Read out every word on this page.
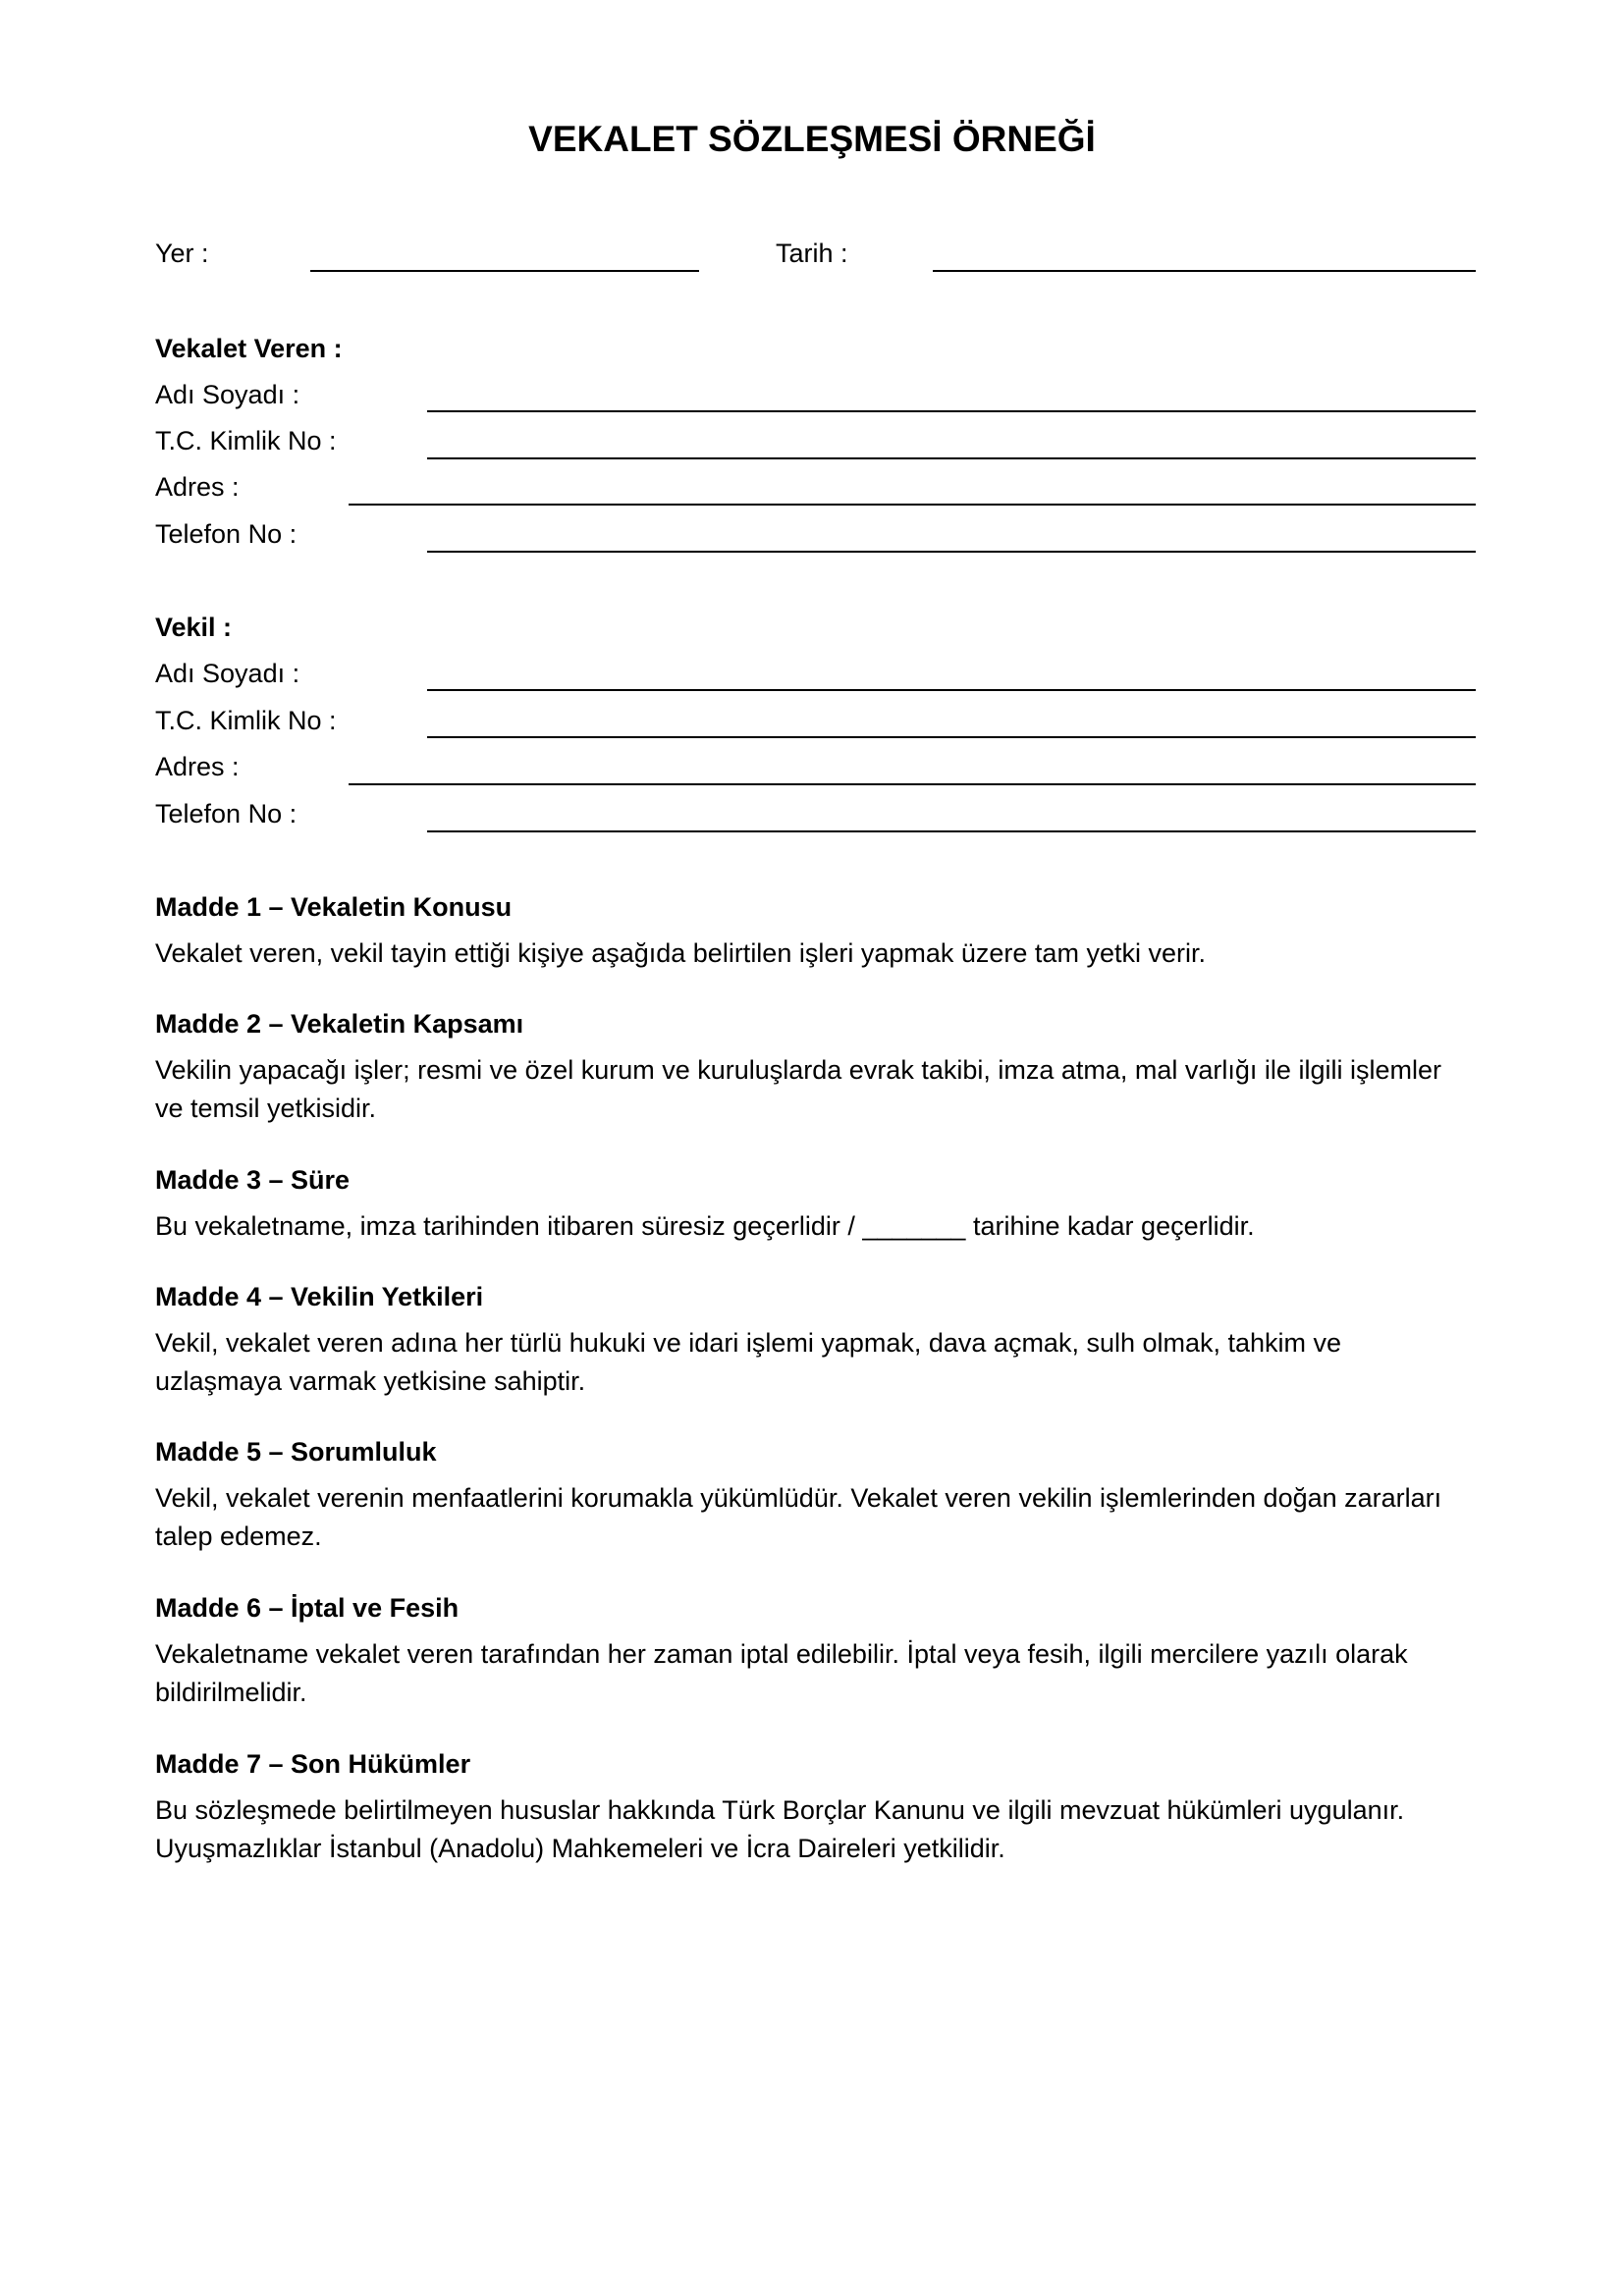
VEKALET SÖZLEŞMESİ ÖRNEĞİ
Yer :	Tarih :
Vekalet Veren :
Adı Soyadı :
T.C. Kimlik No :
Adres :
Telefon No :
Vekil :
Adı Soyadı :
T.C. Kimlik No :
Adres :
Telefon No :
Madde 1 – Vekaletin Konusu
Vekalet veren, vekil tayin ettiği kişiye aşağıda belirtilen işleri yapmak üzere tam yetki verir.
Madde 2 – Vekaletin Kapsamı
Vekilin yapacağı işler; resmi ve özel kurum ve kuruluşlarda evrak takibi, imza atma, mal varlığı ile ilgili işlemler ve temsil yetkisidir.
Madde 3 – Süre
Bu vekaletname, imza tarihinden itibaren süresiz geçerlidir / _______ tarihine kadar geçerlidir.
Madde 4 – Vekilin Yetkileri
Vekil, vekalet veren adına her türlü hukuki ve idari işlemi yapmak, dava açmak, sulh olmak, tahkim ve uzlaşmaya varmak yetkisine sahiptir.
Madde 5 – Sorumluluk
Vekil, vekalet verenin menfaatlerini korumakla yükümlüdür. Vekalet veren vekilin işlemlerinden doğan zararları talep edemez.
Madde 6 – İptal ve Fesih
Vekaletname vekalet veren tarafından her zaman iptal edilebilir. İptal veya fesih, ilgili mercilere yazılı olarak bildirilmelidir.
Madde 7 – Son Hükümler
Bu sözleşmede belirtilmeyen hususlar hakkında Türk Borçlar Kanunu ve ilgili mevzuat hükümleri uygulanır. Uyuşmazlıklar İstanbul (Anadolu) Mahkemeleri ve İcra Daireleri yetkilidir.
